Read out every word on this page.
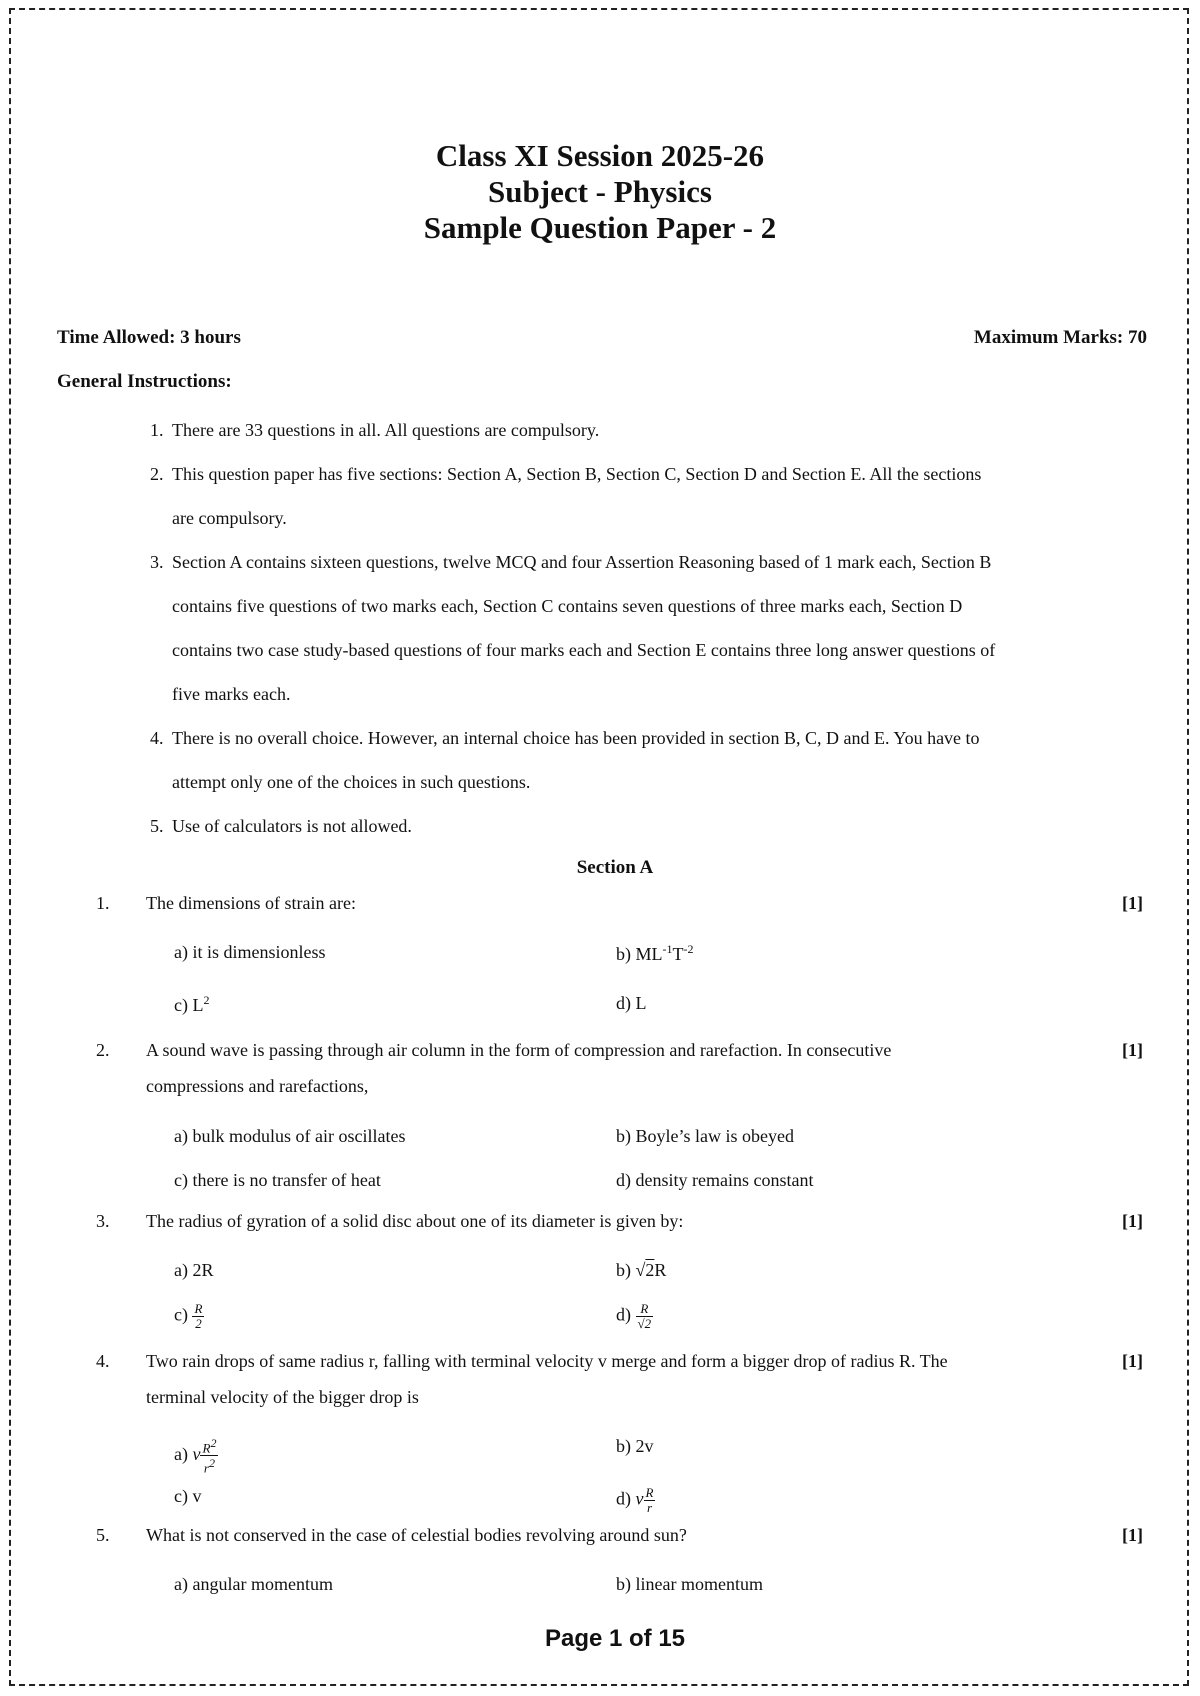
Class XI Session 2025-26
Subject - Physics
Sample Question Paper - 2
Time Allowed: 3 hours	Maximum Marks: 70
General Instructions:
1. There are 33 questions in all. All questions are compulsory.
2. This question paper has five sections: Section A, Section B, Section C, Section D and Section E. All the sections
are compulsory.
3. Section A contains sixteen questions, twelve MCQ and four Assertion Reasoning based of 1 mark each, Section B
contains five questions of two marks each, Section C contains seven questions of three marks each, Section D
contains two case study-based questions of four marks each and Section E contains three long answer questions of
five marks each.
4. There is no overall choice. However, an internal choice has been provided in section B, C, D and E. You have to
attempt only one of the choices in such questions.
5. Use of calculators is not allowed.
Section A
1. The dimensions of strain are:	[1]
a) it is dimensionless	b) $ML^{-1}T^{-2}$
c) $L^2$	d) L
2. A sound wave is passing through air column in the form of compression and rarefaction. In consecutive
compressions and rarefactions,
[1]
a) bulk modulus of air oscillates	b) Boyle’s law is obeyed
c) there is no transfer of heat	d) density remains constant
3. The radius of gyration of a solid disc about one of its diameter is given by:	[1]
a) 2R	b) √2R
$c) \frac{R}{2}$	$d) \frac{R}{√2}$
4. Two rain drops of same radius r, falling with terminal velocity v merge and form a bigger drop of radius R. The
terminal velocity of the bigger drop is
[1]
a) v $\frac{R^2}{r^2}$	b) 2v
c) v	d) v $\frac{R}{r}$
5. What is not conserved in the case of celestial bodies revolving around sun?	[1]
a) angular momentum	b) linear momentum
Page 1 of 15
